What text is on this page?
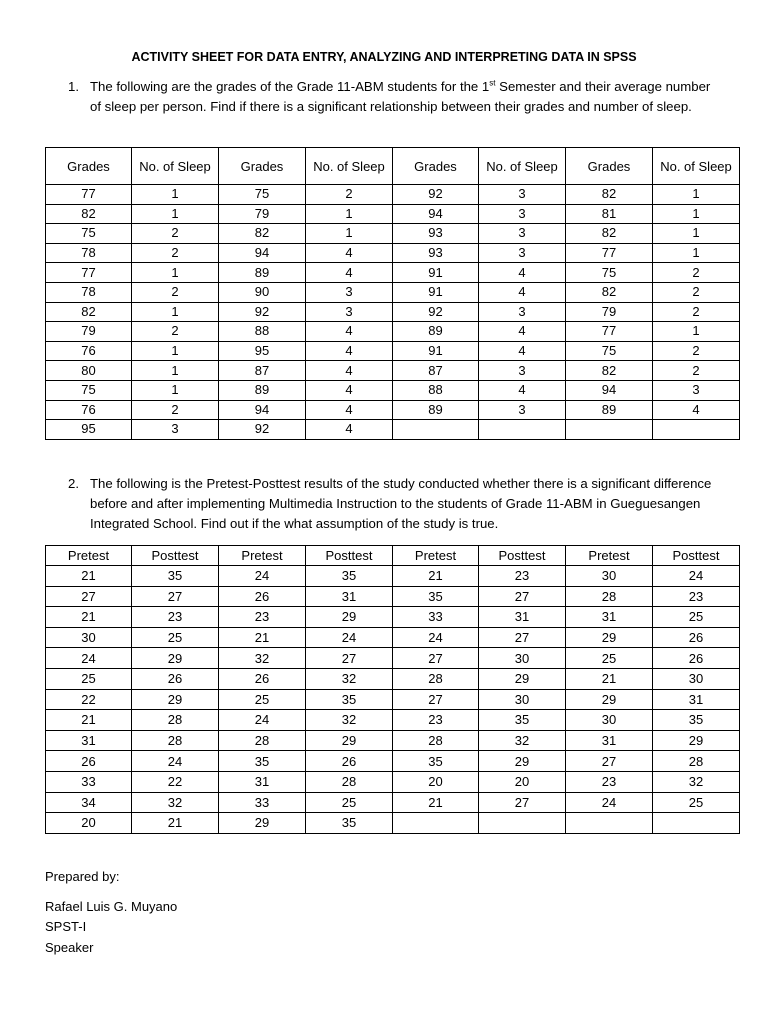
ACTIVITY SHEET FOR DATA ENTRY, ANALYZING AND INTERPRETING DATA IN SPSS
1. The following are the grades of the Grade 11-ABM students for the 1st Semester and their average number of sleep per person. Find if there is a significant relationship between their grades and number of sleep.
Grades	No. of Sleep	Grades	No. of Sleep	Grades	No. of Sleep	Grades	No. of Sleep
77	1	75	2	92	3	82	1
82	1	79	1	94	3	81	1
75	2	82	1	93	3	82	1
78	2	94	4	93	3	77	1
77	1	89	4	91	4	75	2
78	2	90	3	91	4	82	2
82	1	92	3	92	3	79	2
79	2	88	4	89	4	77	1
76	1	95	4	91	4	75	2
80	1	87	4	87	3	82	2
75	1	89	4	88	4	94	3
76	2	94	4	89	3	89	4
95	3	92	4				
2. The following is the Pretest-Posttest results of the study conducted whether there is a significant difference before and after implementing Multimedia Instruction to the students of Grade 11-ABM in Gueguesangen Integrated School. Find out if the what assumption of the study is true.
Pretest	Posttest	Pretest	Posttest	Pretest	Posttest	Pretest	Posttest
21	35	24	35	21	23	30	24
27	27	26	31	35	27	28	23
21	23	23	29	33	31	31	25
30	25	21	24	24	27	29	26
24	29	32	27	27	30	25	26
25	26	26	32	28	29	21	30
22	29	25	35	27	30	29	31
21	28	24	32	23	35	30	35
31	28	28	29	28	32	31	29
26	24	35	26	35	29	27	28
33	22	31	28	20	20	23	32
34	32	33	25	21	27	24	25
20	21	29	35				
Prepared by:
Rafael Luis G. Muyano
SPST-I
Speaker
